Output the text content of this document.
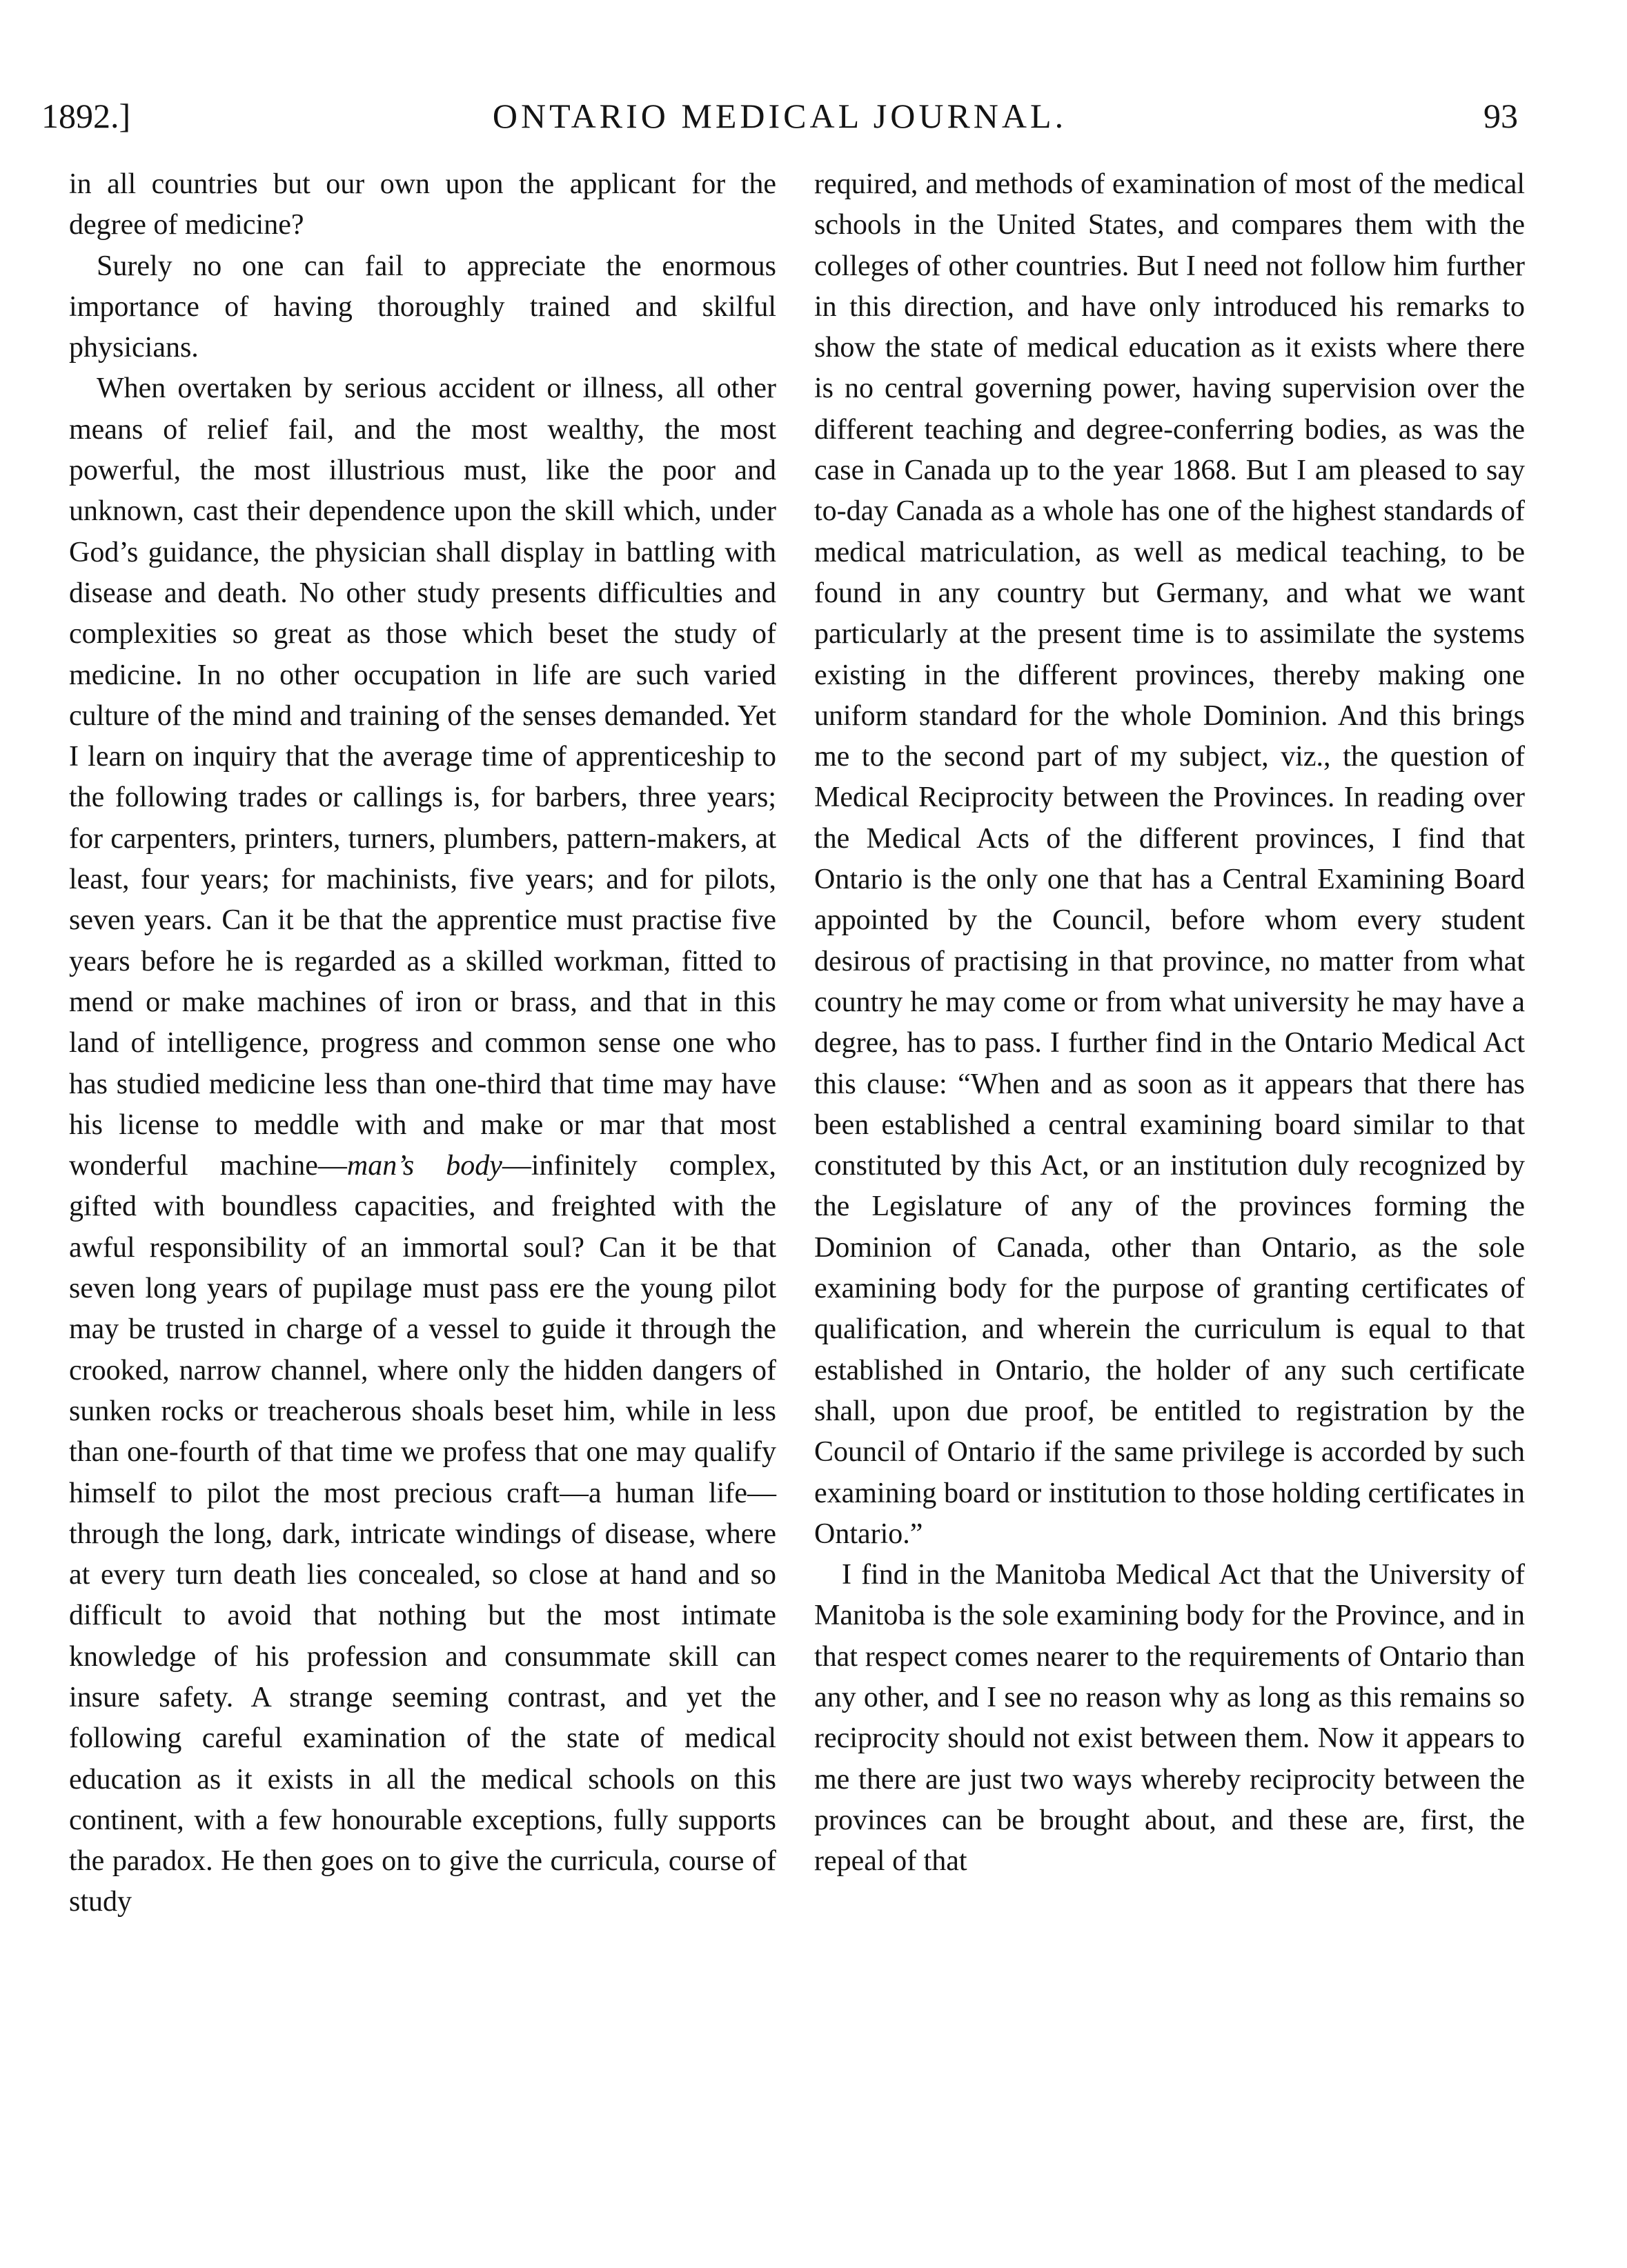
1892.]	ONTARIO MEDICAL JOURNAL.	93

in all countries but our own upon the applicant for the degree of medicine?

Surely no one can fail to appreciate the enormous importance of having thoroughly trained and skilful physicians.

When overtaken by serious accident or illness, all other means of relief fail, and the most wealthy, the most powerful, the most illustrious must, like the poor and unknown, cast their dependence upon the skill which, under God’s guidance, the physician shall display in battling with disease and death. No other study presents difficulties and complexities so great as those which beset the study of medicine. In no other occupation in life are such varied culture of the mind and training of the senses demanded. Yet I learn on inquiry that the average time of apprenticeship to the following trades or callings is, for barbers, three years; for carpenters, printers, turners, plumbers, pattern-makers, at least, four years; for machinists, five years; and for pilots, seven years. Can it be that the apprentice must practise five years before he is regarded as a skilled workman, fitted to mend or make machines of iron or brass, and that in this land of intelligence, progress and common sense one who has studied medicine less than one-third that time may have his license to meddle with and make or mar that most wonderful machine—man’s body—infinitely complex, gifted with boundless capacities, and freighted with the awful responsibility of an immortal soul? Can it be that seven long years of pupilage must pass ere the young pilot may be trusted in charge of a vessel to guide it through the crooked, narrow channel, where only the hidden dangers of sunken rocks or treacherous shoals beset him, while in less than one-fourth of that time we profess that one may qualify himself to pilot the most precious craft—a human life—through the long, dark, intricate windings of disease, where at every turn death lies concealed, so close at hand and so difficult to avoid that nothing but the most intimate knowledge of his profession and consummate skill can insure safety. A strange seeming contrast, and yet the following careful examination of the state of medical education as it exists in all the medical schools on this continent, with a few honourable exceptions, fully supports the paradox. He then goes on to give the curricula, course of study

required, and methods of examination of most of the medical schools in the United States, and compares them with the colleges of other countries. But I need not follow him further in this direction, and have only introduced his remarks to show the state of medical education as it exists where there is no central governing power, having supervision over the different teaching and degree-conferring bodies, as was the case in Canada up to the year 1868. But I am pleased to say to-day Canada as a whole has one of the highest standards of medical matriculation, as well as medical teaching, to be found in any country but Germany, and what we want particularly at the present time is to assimilate the systems existing in the different provinces, thereby making one uniform standard for the whole Dominion. And this brings me to the second part of my subject, viz., the question of Medical Reciprocity between the Provinces. In reading over the Medical Acts of the different provinces, I find that Ontario is the only one that has a Central Examining Board appointed by the Council, before whom every student desirous of practising in that province, no matter from what country he may come or from what university he may have a degree, has to pass. I further find in the Ontario Medical Act this clause: “When and as soon as it appears that there has been established a central examining board similar to that constituted by this Act, or an institution duly recognized by the Legislature of any of the provinces forming the Dominion of Canada, other than Ontario, as the sole examining body for the purpose of granting certificates of qualification, and wherein the curriculum is equal to that established in Ontario, the holder of any such certificate shall, upon due proof, be entitled to registration by the Council of Ontario if the same privilege is accorded by such examining board or institution to those holding certificates in Ontario.”

I find in the Manitoba Medical Act that the University of Manitoba is the sole examining body for the Province, and in that respect comes nearer to the requirements of Ontario than any other, and I see no reason why as long as this remains so reciprocity should not exist between them. Now it appears to me there are just two ways whereby reciprocity between the provinces can be brought about, and these are, first, the repeal of that
